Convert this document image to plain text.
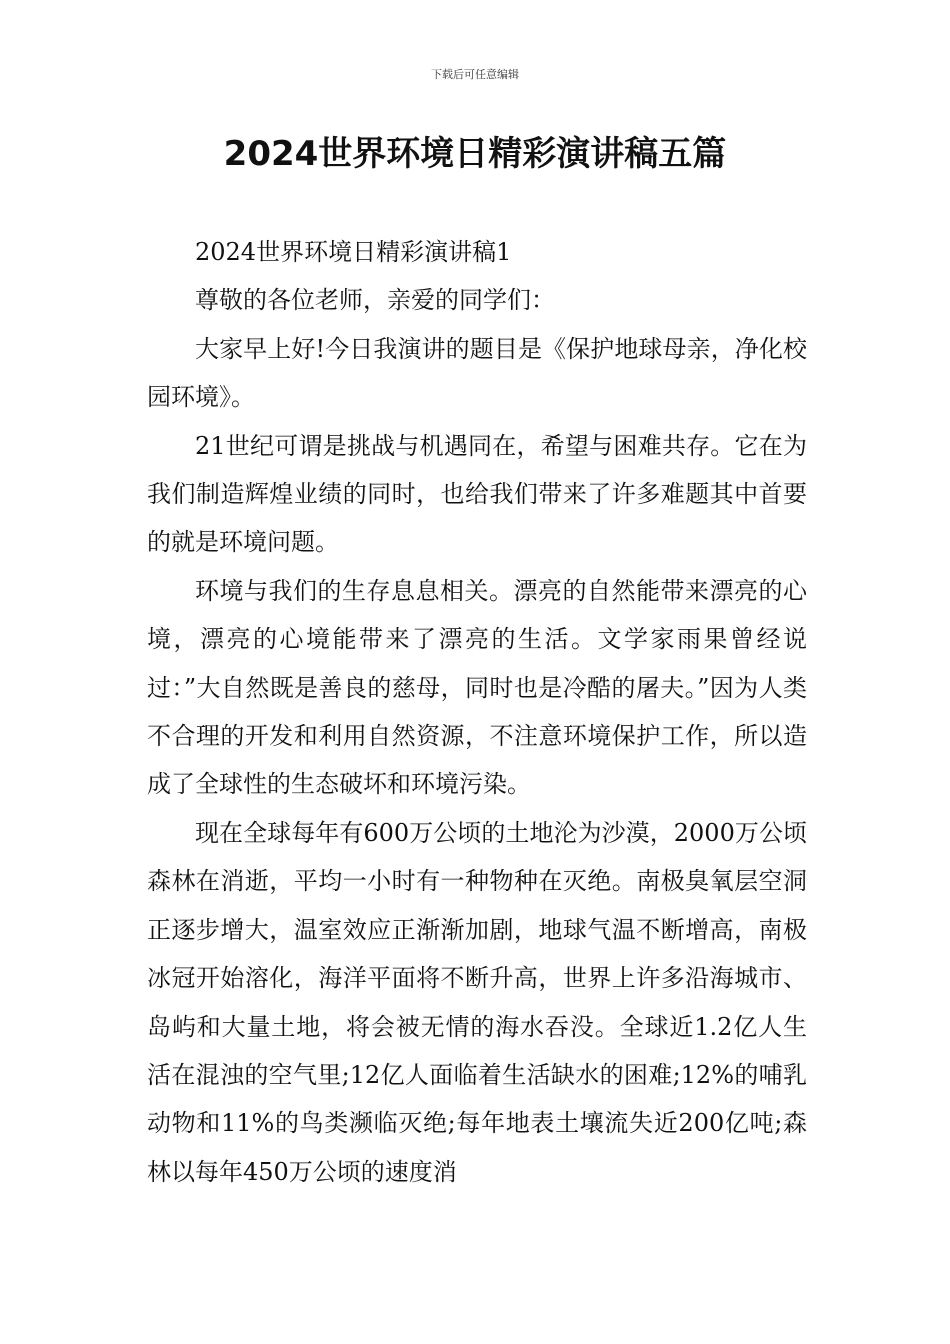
下载后可任意编辑
2024世界环境日精彩演讲稿五篇

2024世界环境日精彩演讲稿1

尊敬的各位老师，亲爱的同学们：

大家早上好!今日我演讲的题目是《保护地球母亲，净化校园环境》。

21世纪可谓是挑战与机遇同在，希望与困难共存。它在为我们制造辉煌业绩的同时，也给我们带来了许多难题其中首要的就是环境问题。

环境与我们的生存息息相关。漂亮的自然能带来漂亮的心境，漂亮的心境能带来了漂亮的生活。文学家雨果曾经说过：”大自然既是善良的慈母，同时也是冷酷的屠夫。”因为人类不合理的开发和利用自然资源，不注意环境保护工作，所以造成了全球性的生态破坏和环境污染。

现在全球每年有600万公顷的土地沦为沙漠，2000万公顷森林在消逝，平均一小时有一种物种在灭绝。南极臭氧层空洞正逐步增大，温室效应正渐渐加剧，地球气温不断增高，南极冰冠开始溶化，海洋平面将不断升高，世界上许多沿海城市、岛屿和大量土地，将会被无情的海水吞没。全球近1.2亿人生活在混浊的空气里;12亿人面临着生活缺水的困难;12%的哺乳动物和11%的鸟类濒临灭绝;每年地表土壤流失近200亿吨;森林以每年450万公顷的速度消
